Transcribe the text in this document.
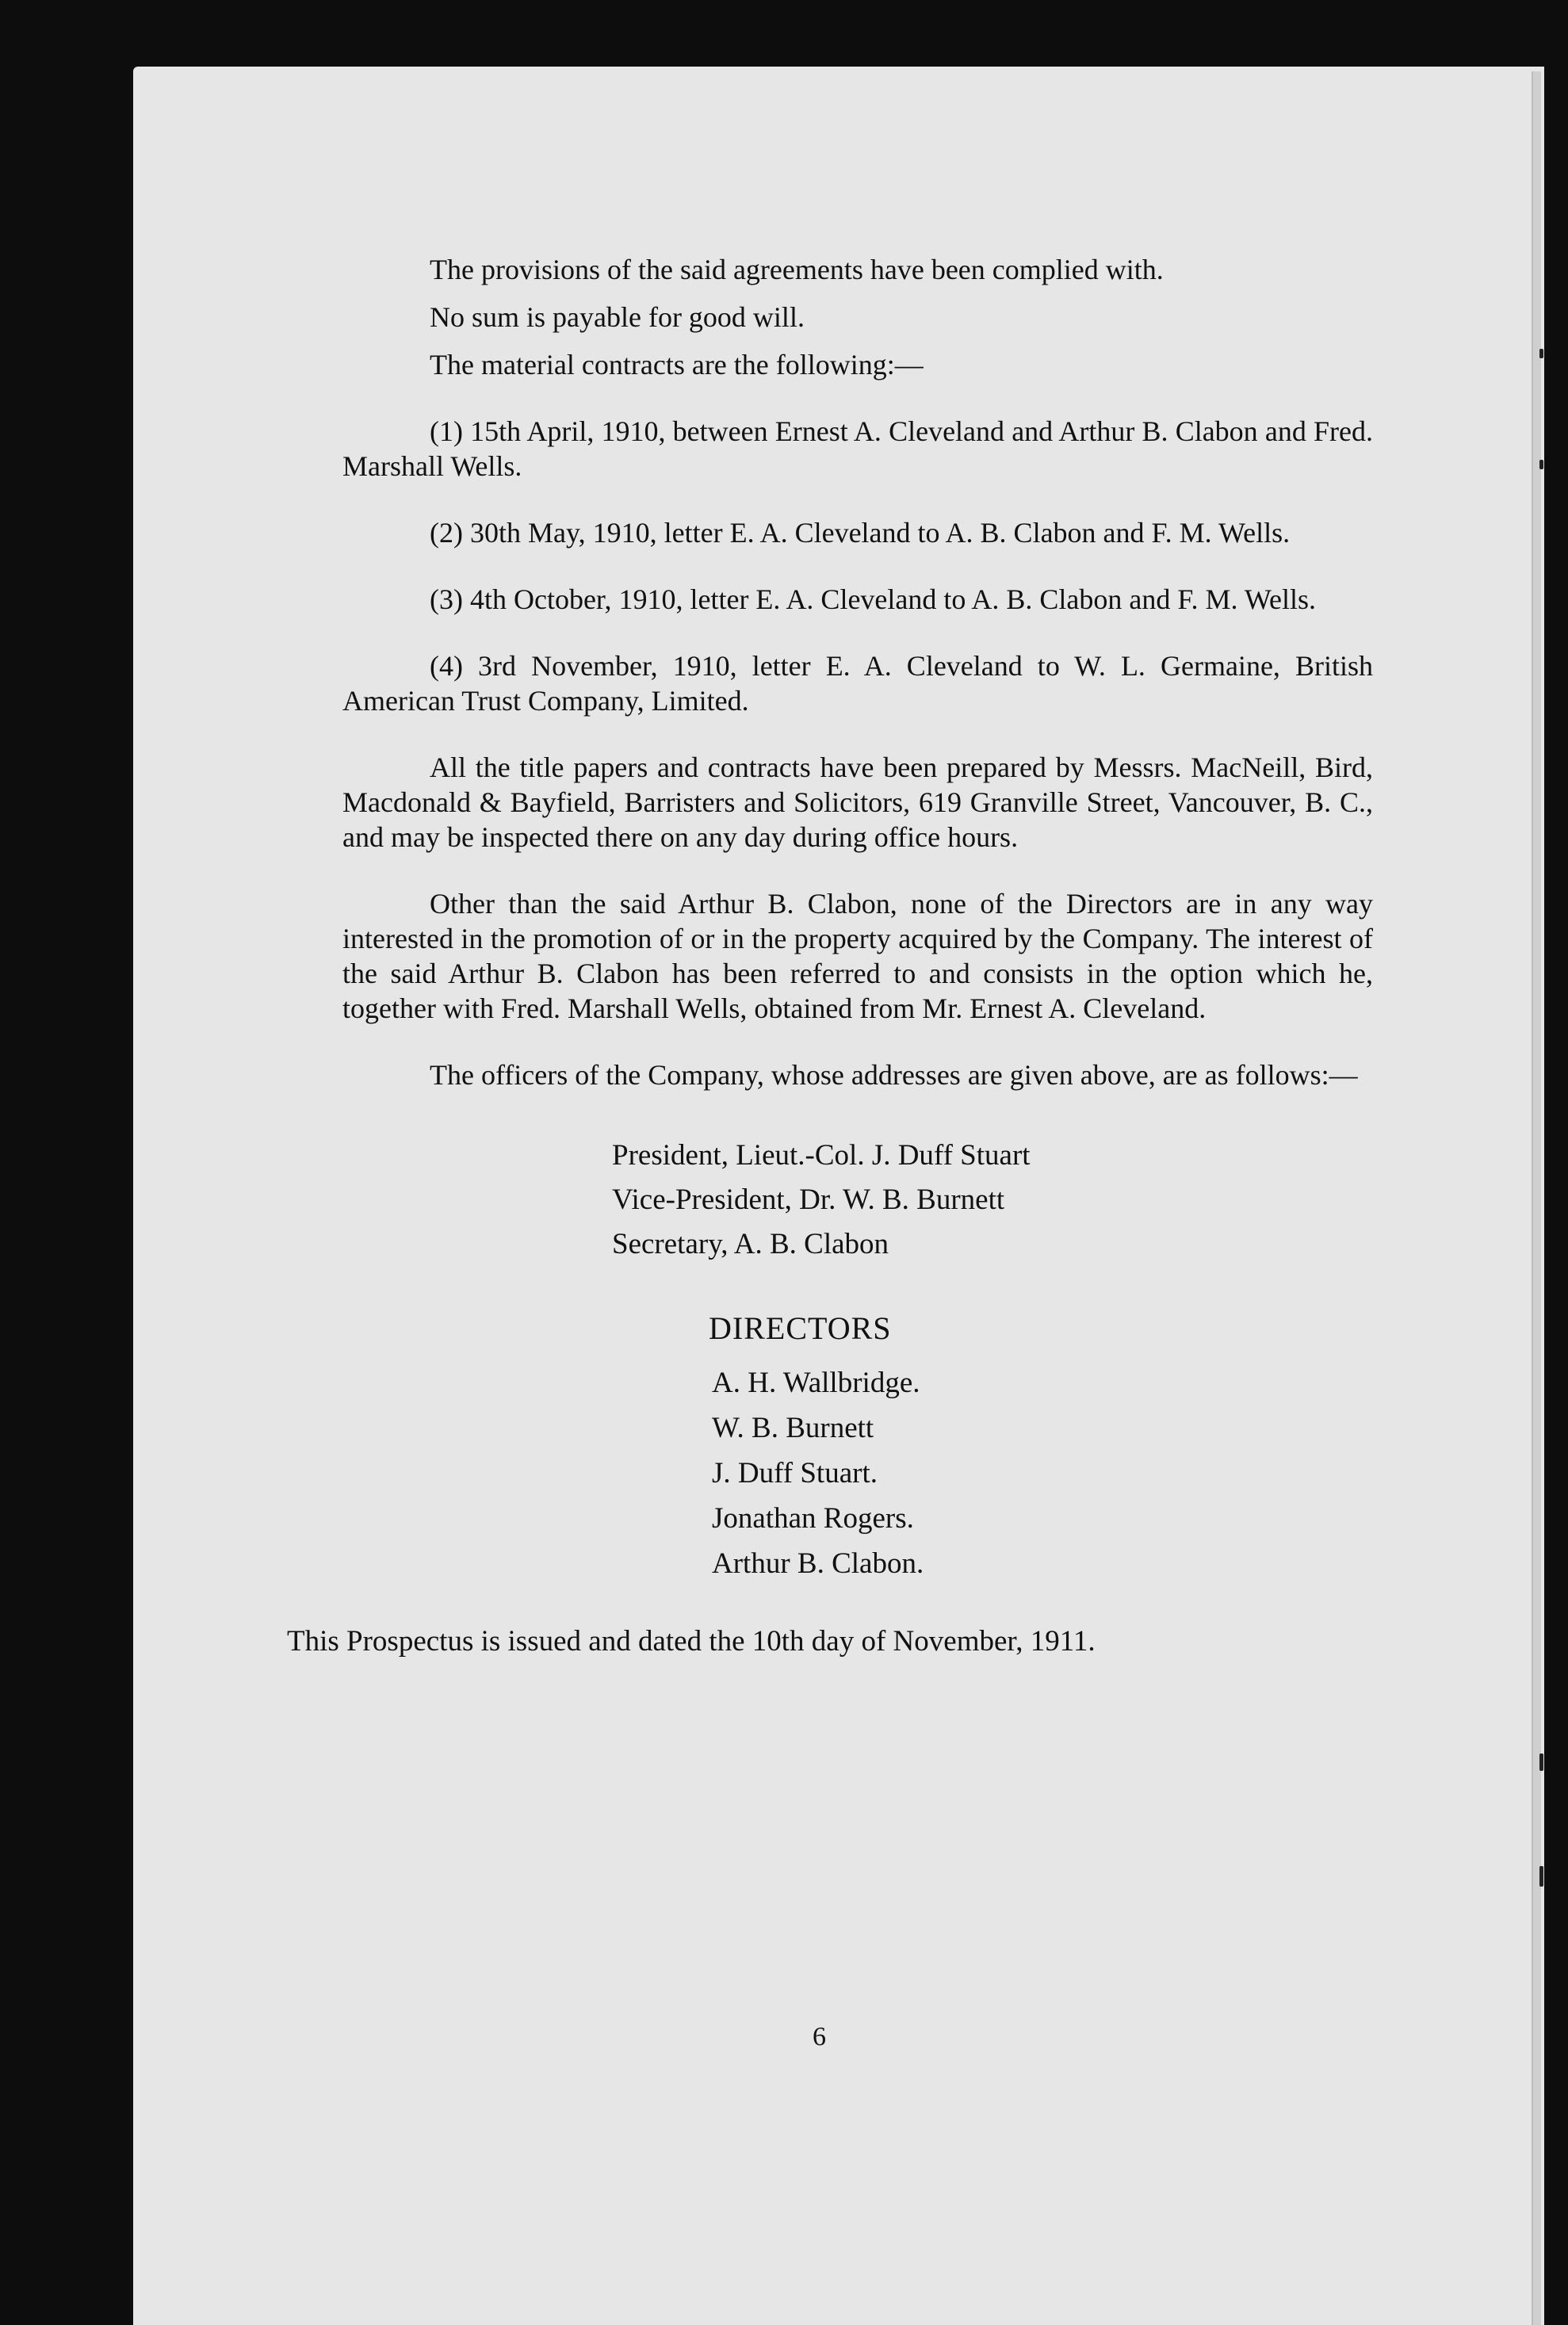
The provisions of the said agreements have been complied with.

No sum is payable for good will.

The material contracts are the following:—

(1) 15th April, 1910, between Ernest A. Cleveland and Arthur B. Clabon and Fred. Marshall Wells.

(2) 30th May, 1910, letter E. A. Cleveland to A. B. Clabon and F. M. Wells.

(3) 4th October, 1910, letter E. A. Cleveland to A. B. Clabon and F. M. Wells.

(4) 3rd November, 1910, letter E. A. Cleveland to W. L. Germaine, British American Trust Company, Limited.

All the title papers and contracts have been prepared by Messrs. MacNeill, Bird, Macdonald & Bayfield, Barristers and Solicitors, 619 Granville Street, Vancouver, B. C., and may be inspected there on any day during office hours.

Other than the said Arthur B. Clabon, none of the Directors are in any way interested in the promotion of or in the property acquired by the Company. The interest of the said Arthur B. Clabon has been referred to and consists in the option which he, together with Fred. Marshall Wells, obtained from Mr. Ernest A. Cleveland.

The officers of the Company, whose addresses are given above, are as follows:—

President, Lieut.-Col. J. Duff Stuart
Vice-President, Dr. W. B. Burnett
Secretary, A. B. Clabon
DIRECTORS
A. H. Wallbridge.
W. B. Burnett
J. Duff Stuart.
Jonathan Rogers.
Arthur B. Clabon.
This Prospectus is issued and dated the 10th day of November, 1911.
6
